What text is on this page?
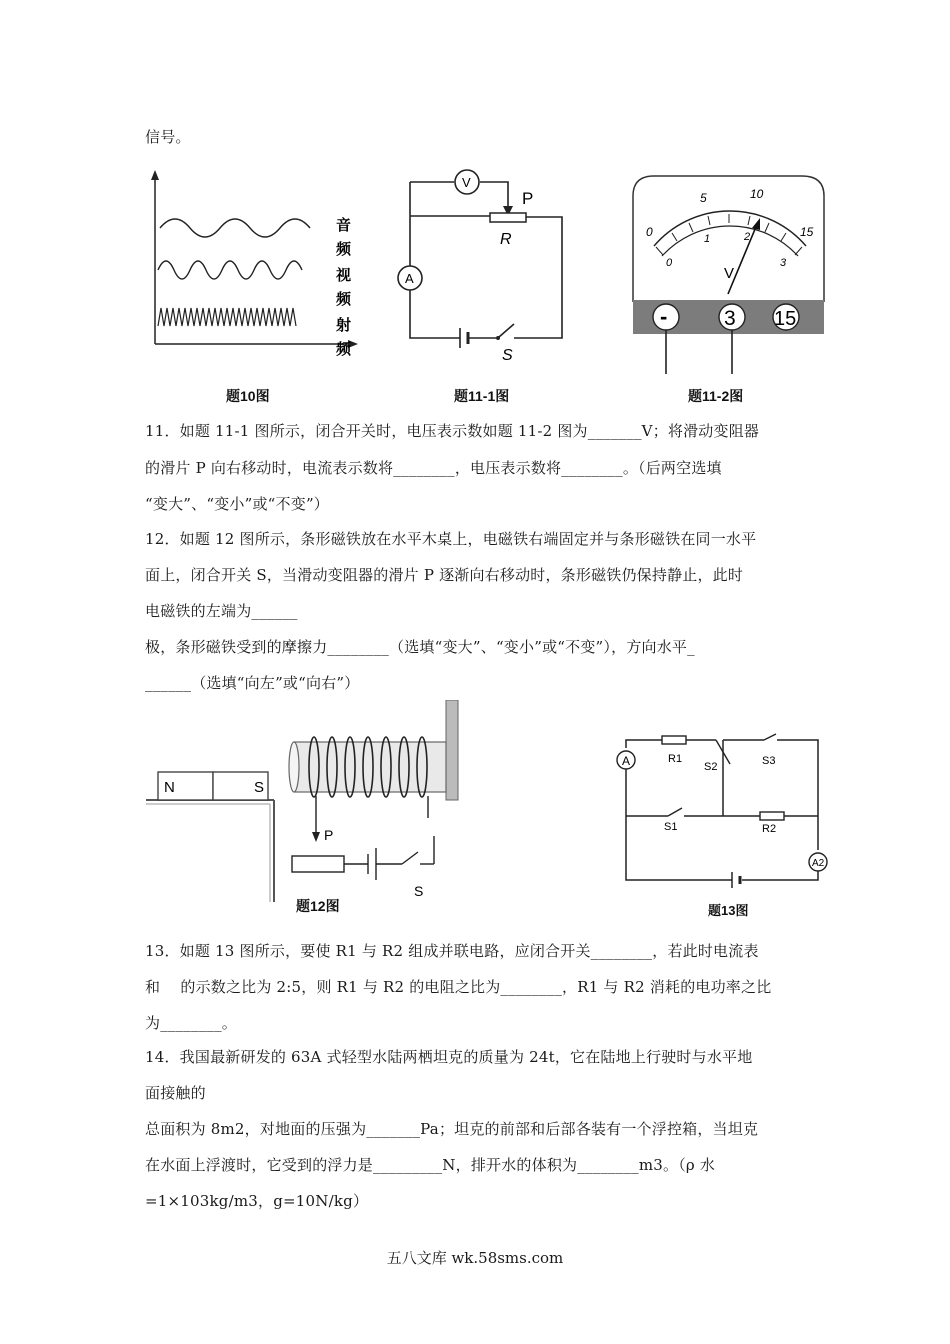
信号。
音
频
视
频
射
频
题10图
V
A
P
R
S
题11-1图
0
5	10
15
0
1	2
3
V
-	3 15
题11-2图
11．如题 11-1 图所示，闭合开关时，电压表示数如题 11-2 图为_______V；将滑动变阻器
的滑片 P 向右移动时，电流表示数将________，电压表示数将________。（后两空选填
“变大”、“变小”或“不变”）
12．如题 12 图所示，条形磁铁放在水平木桌上，电磁铁右端固定并与条形磁铁在同一水平
面上，闭合开关 S，当滑动变阻器的滑片 P 逐渐向右移动时，条形磁铁仍保持静止，此时
电磁铁的左端为______
极，条形磁铁受到的摩擦力________（选填“变大”、“变小”或“不变”），方向水平_
______（选填“向左”或“向右”）
N	S
P
S
题12图
A
A2
R1
S2	S3
S1	R2
题13图
13．如题 13 图所示，要使 R1 与 R2 组成并联电路，应闭合开关________，若此时电流表
和　 的示数之比为 2:5，则 R1 与 R2 的电阻之比为________，R1 与 R2 消耗的电功率之比
为________。
14．我国最新研发的 63A 式轻型水陆两栖坦克的质量为 24t，它在陆地上行驶时与水平地
面接触的
总面积为 8m2，对地面的压强为_______Pa；坦克的前部和后部各装有一个浮控箱，当坦克
在水面上浮渡时，它受到的浮力是_________N，排开水的体积为________m3。（ρ 水
=1×103kg/m3，g=10N/kg）
五八文库 wk.58sms.com
